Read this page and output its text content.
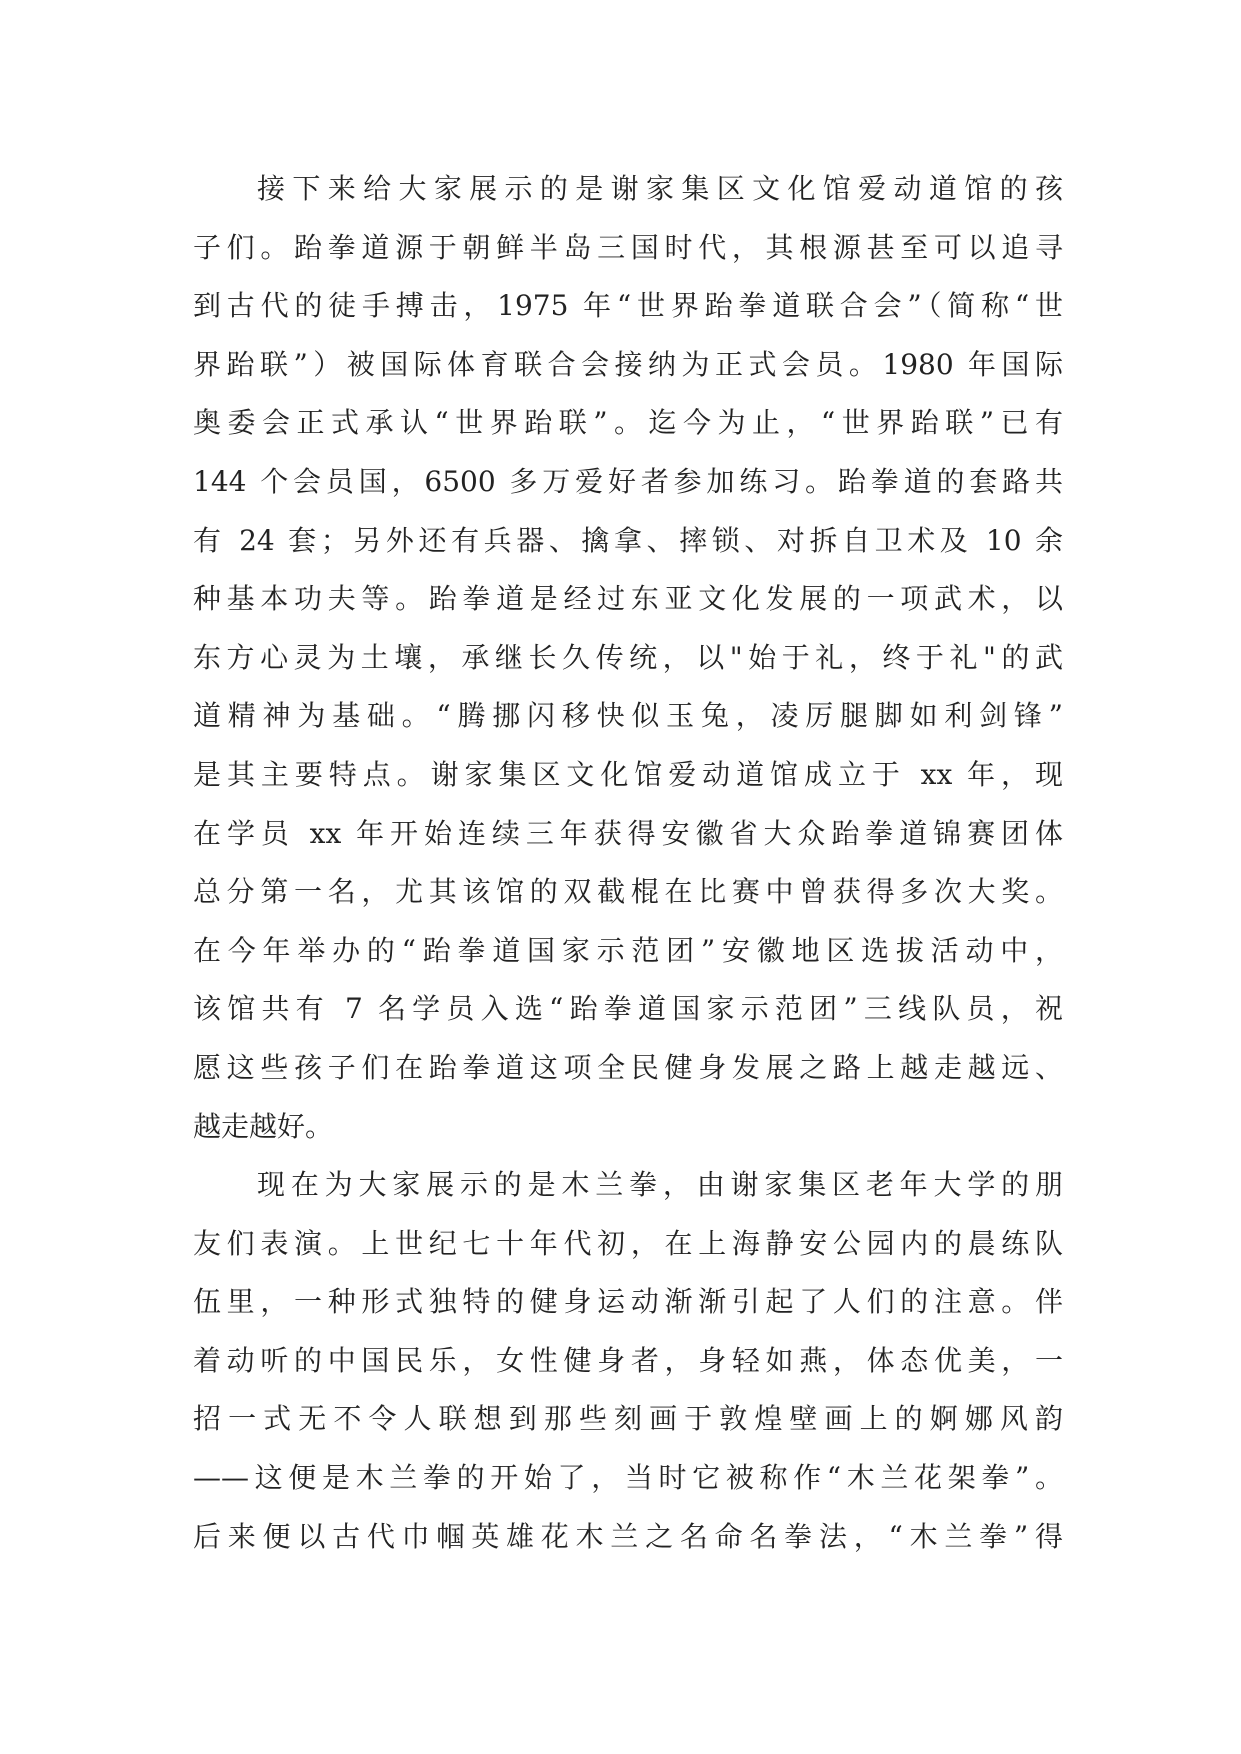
接下来给大家展示的是谢家集区文化馆爱动道馆的孩
子们。跆拳道源于朝鲜半岛三国时代，其根源甚至可以追寻
到古代的徒手搏击，1975 年“世界跆拳道联合会”（简称“世
界跆联”）被国际体育联合会接纳为正式会员。1980 年国际
奥委会正式承认“世界跆联”。迄今为止，“世界跆联”已有
144 个会员国，6500 多万爱好者参加练习。跆拳道的套路共
有 24 套；另外还有兵器、擒拿、摔锁、对拆自卫术及 10 余
种基本功夫等。跆拳道是经过东亚文化发展的一项武术，以
东方心灵为土壤，承继长久传统，以"始于礼，终于礼"的武
道精神为基础。“腾挪闪移快似玉兔，凌厉腿脚如利剑锋”
是其主要特点。谢家集区文化馆爱动道馆成立于 xx 年，现
在学员 xx 年开始连续三年获得安徽省大众跆拳道锦赛团体
总分第一名，尤其该馆的双截棍在比赛中曾获得多次大奖。
在今年举办的“跆拳道国家示范团”安徽地区选拔活动中，
该馆共有 7 名学员入选“跆拳道国家示范团”三线队员，祝
愿这些孩子们在跆拳道这项全民健身发展之路上越走越远、
越走越好。
现在为大家展示的是木兰拳，由谢家集区老年大学的朋
友们表演。上世纪七十年代初，在上海静安公园内的晨练队
伍里，一种形式独特的健身运动渐渐引起了人们的注意。伴
着动听的中国民乐，女性健身者，身轻如燕，体态优美，一
招一式无不令人联想到那些刻画于敦煌壁画上的婀娜风韵
——这便是木兰拳的开始了，当时它被称作“木兰花架拳”。
后来便以古代巾帼英雄花木兰之名命名拳法，“木兰拳”得
